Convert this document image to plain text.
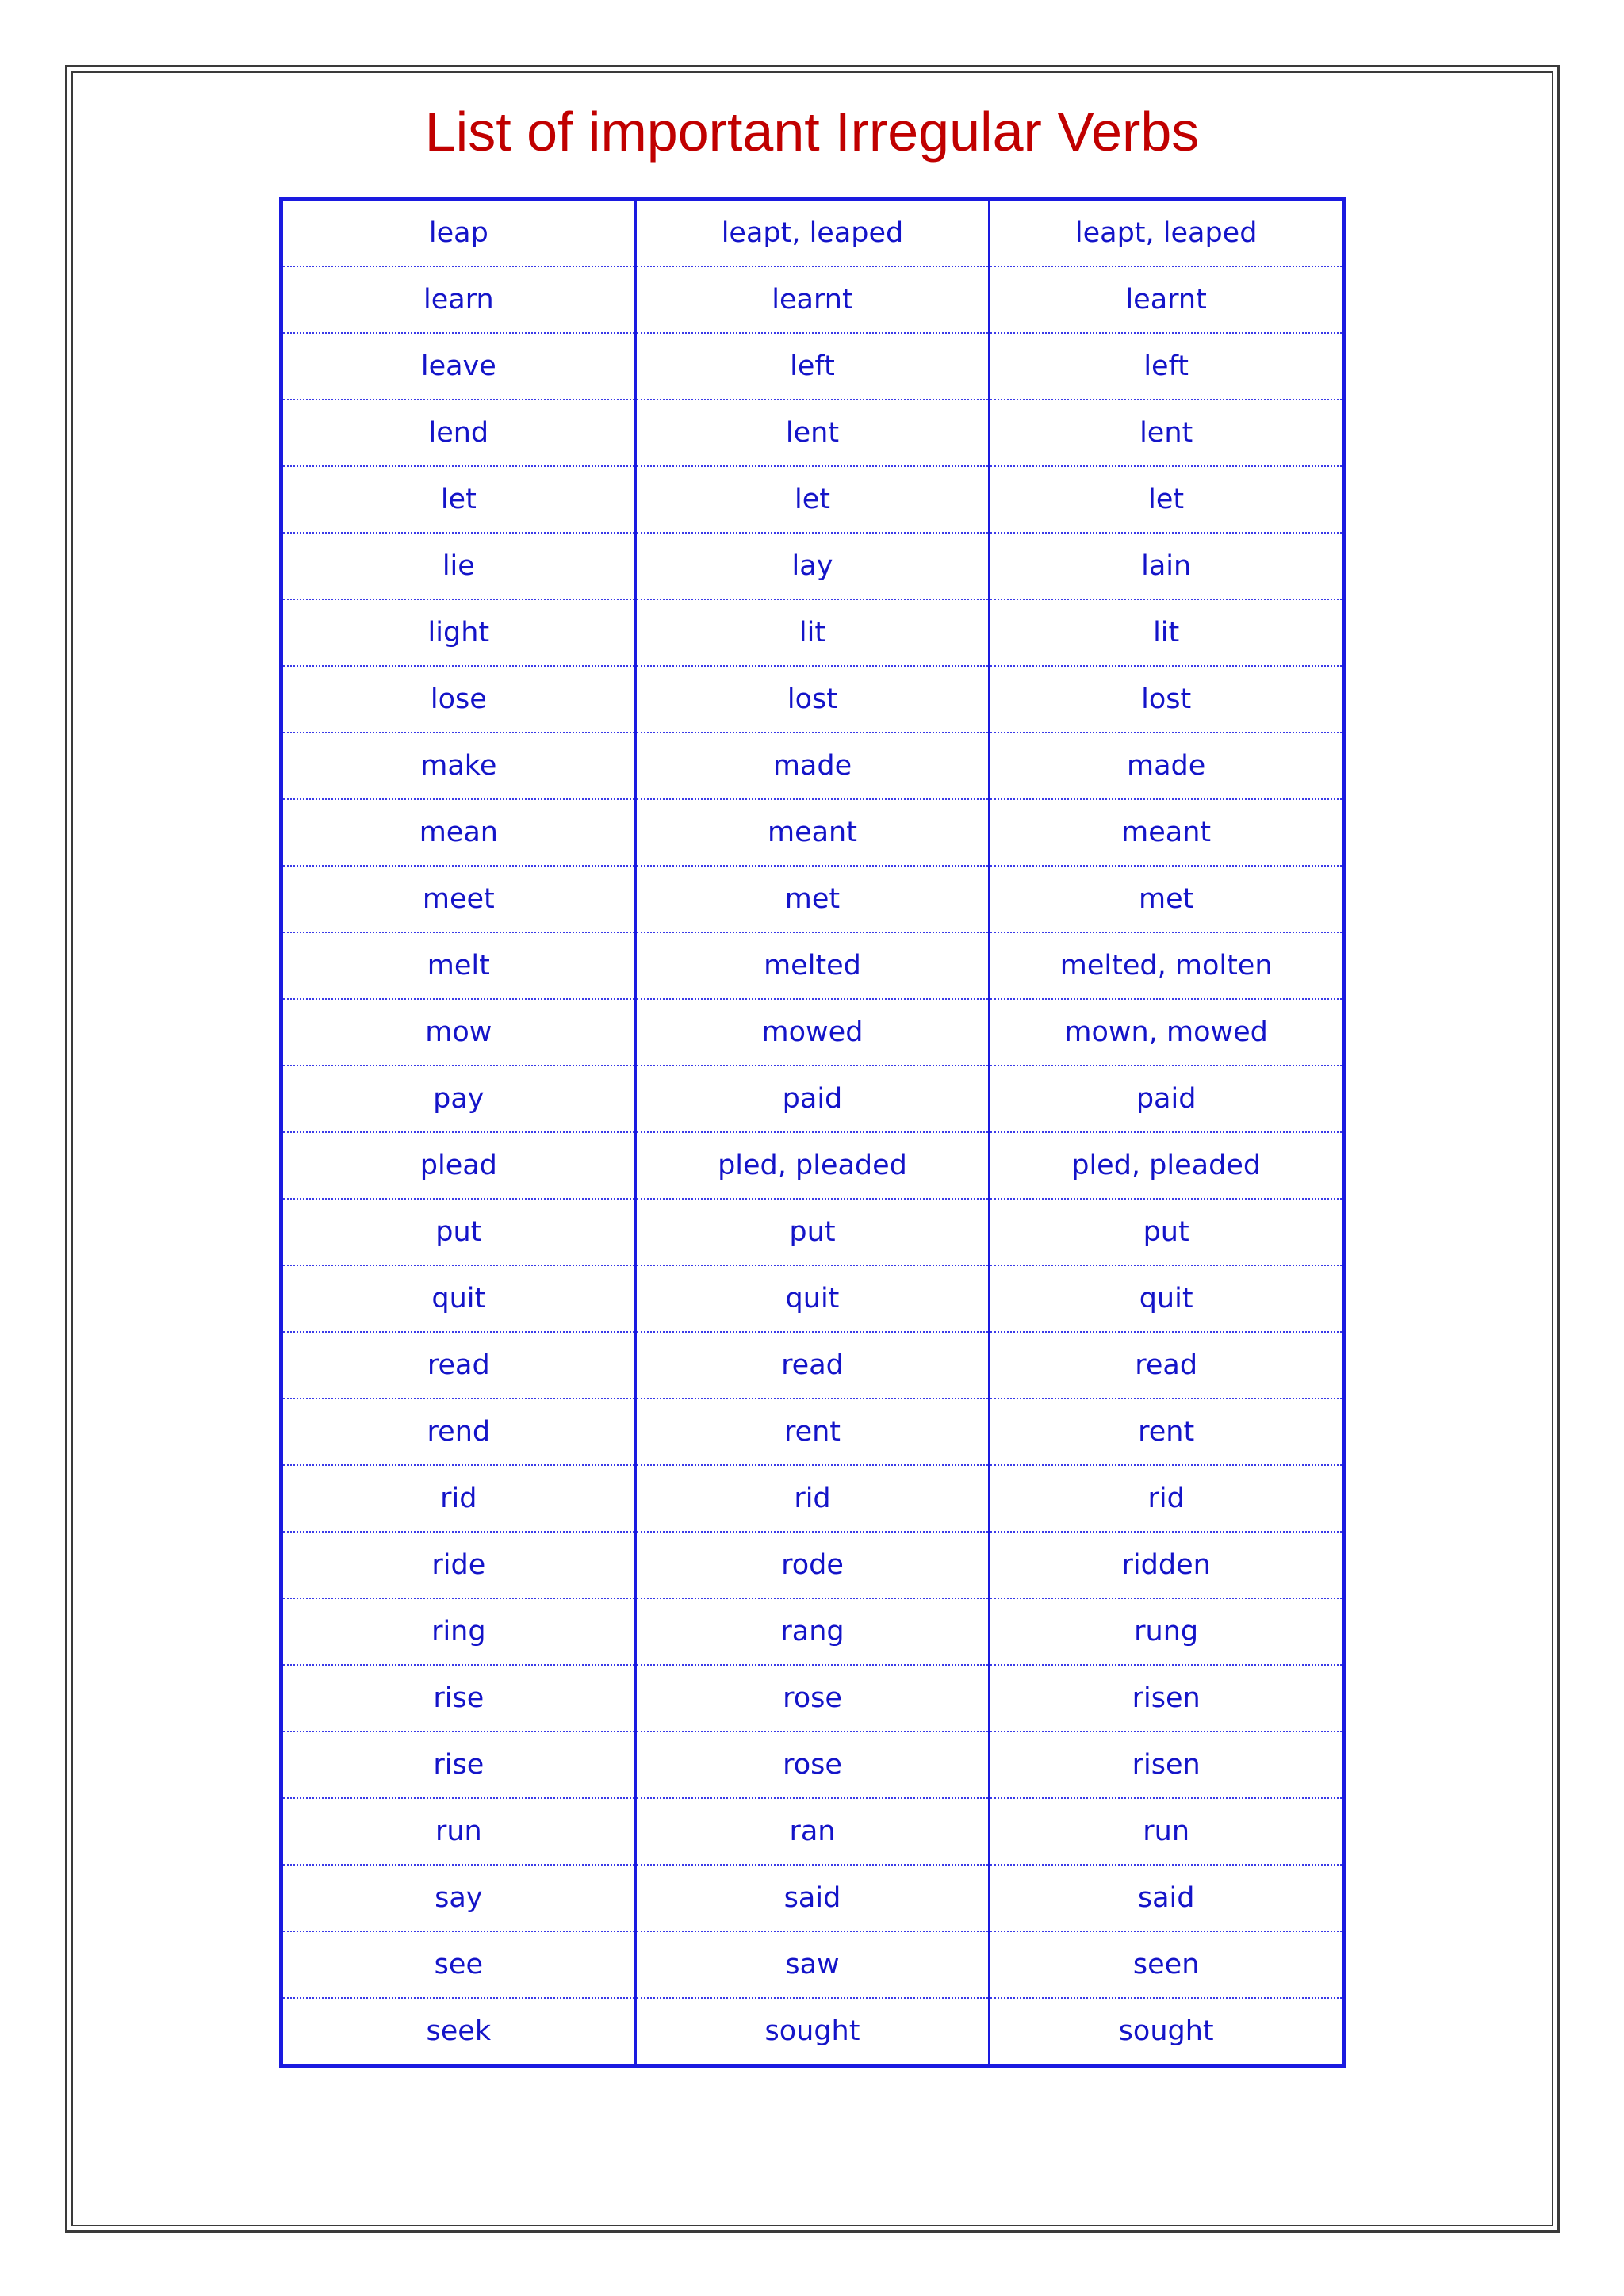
List of important Irregular Verbs
leap	leapt, leaped	leapt, leaped
learn	learnt	learnt
leave	left	left
lend	lent	lent
let	let	let
lie	lay	lain
light	lit	lit
lose	lost	lost
make	made	made
mean	meant	meant
meet	met	met
melt	melted	melted, molten
mow	mowed	mown, mowed
pay	paid	paid
plead	pled, pleaded	pled, pleaded
put	put	put
quit	quit	quit
read	read	read
rend	rent	rent
rid	rid	rid
ride	rode	ridden
ring	rang	rung
rise	rose	risen
rise	rose	risen
run	ran	run
say	said	said
see	saw	seen
seek	sought	sought
